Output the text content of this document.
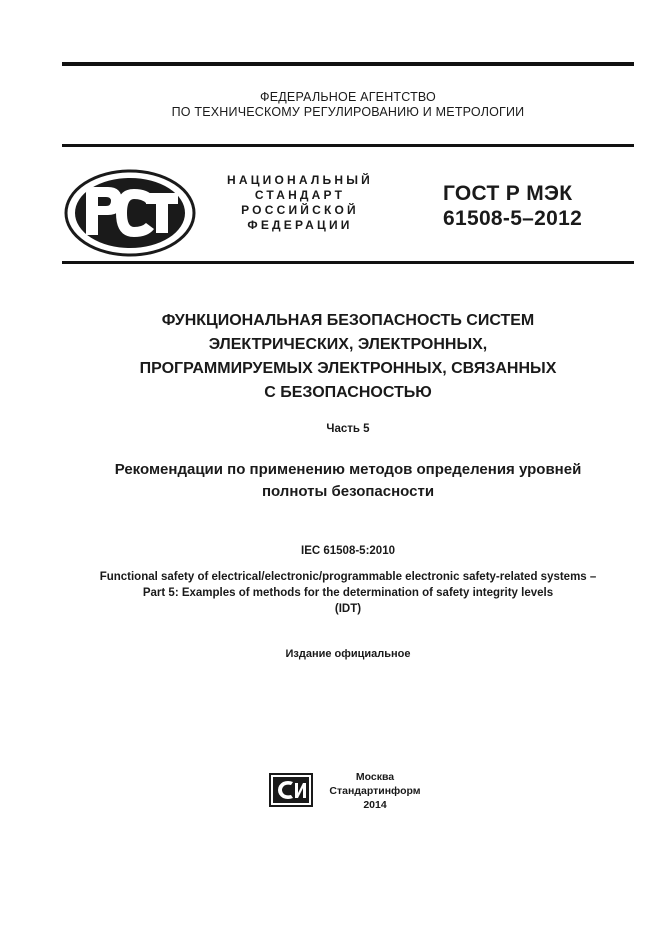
ФЕДЕРАЛЬНОЕ АГЕНТСТВО
ПО ТЕХНИЧЕСКОМУ РЕГУЛИРОВАНИЮ И МЕТРОЛОГИИ
НАЦИОНАЛЬНЫЙ
СТАНДАРТ
РОССИЙСКОЙ
ФЕДЕРАЦИИ
ГОСТ Р МЭК
61508-5–2012
ФУНКЦИОНАЛЬНАЯ БЕЗОПАСНОСТЬ СИСТЕМ
ЭЛЕКТРИЧЕСКИХ, ЭЛЕКТРОННЫХ,
ПРОГРАММИРУЕМЫХ ЭЛЕКТРОННЫХ, СВЯЗАННЫХ
С БЕЗОПАСНОСТЬЮ
Часть 5
Рекомендации по применению методов определения уровней
полноты безопасности
IEC 61508-5:2010
Functional safety of electrical/electronic/programmable electronic safety-related systems –
Part 5: Examples of methods for the determination of safety integrity levels
(IDT)
Издание официальное
Москва
Стандартинформ
2014
